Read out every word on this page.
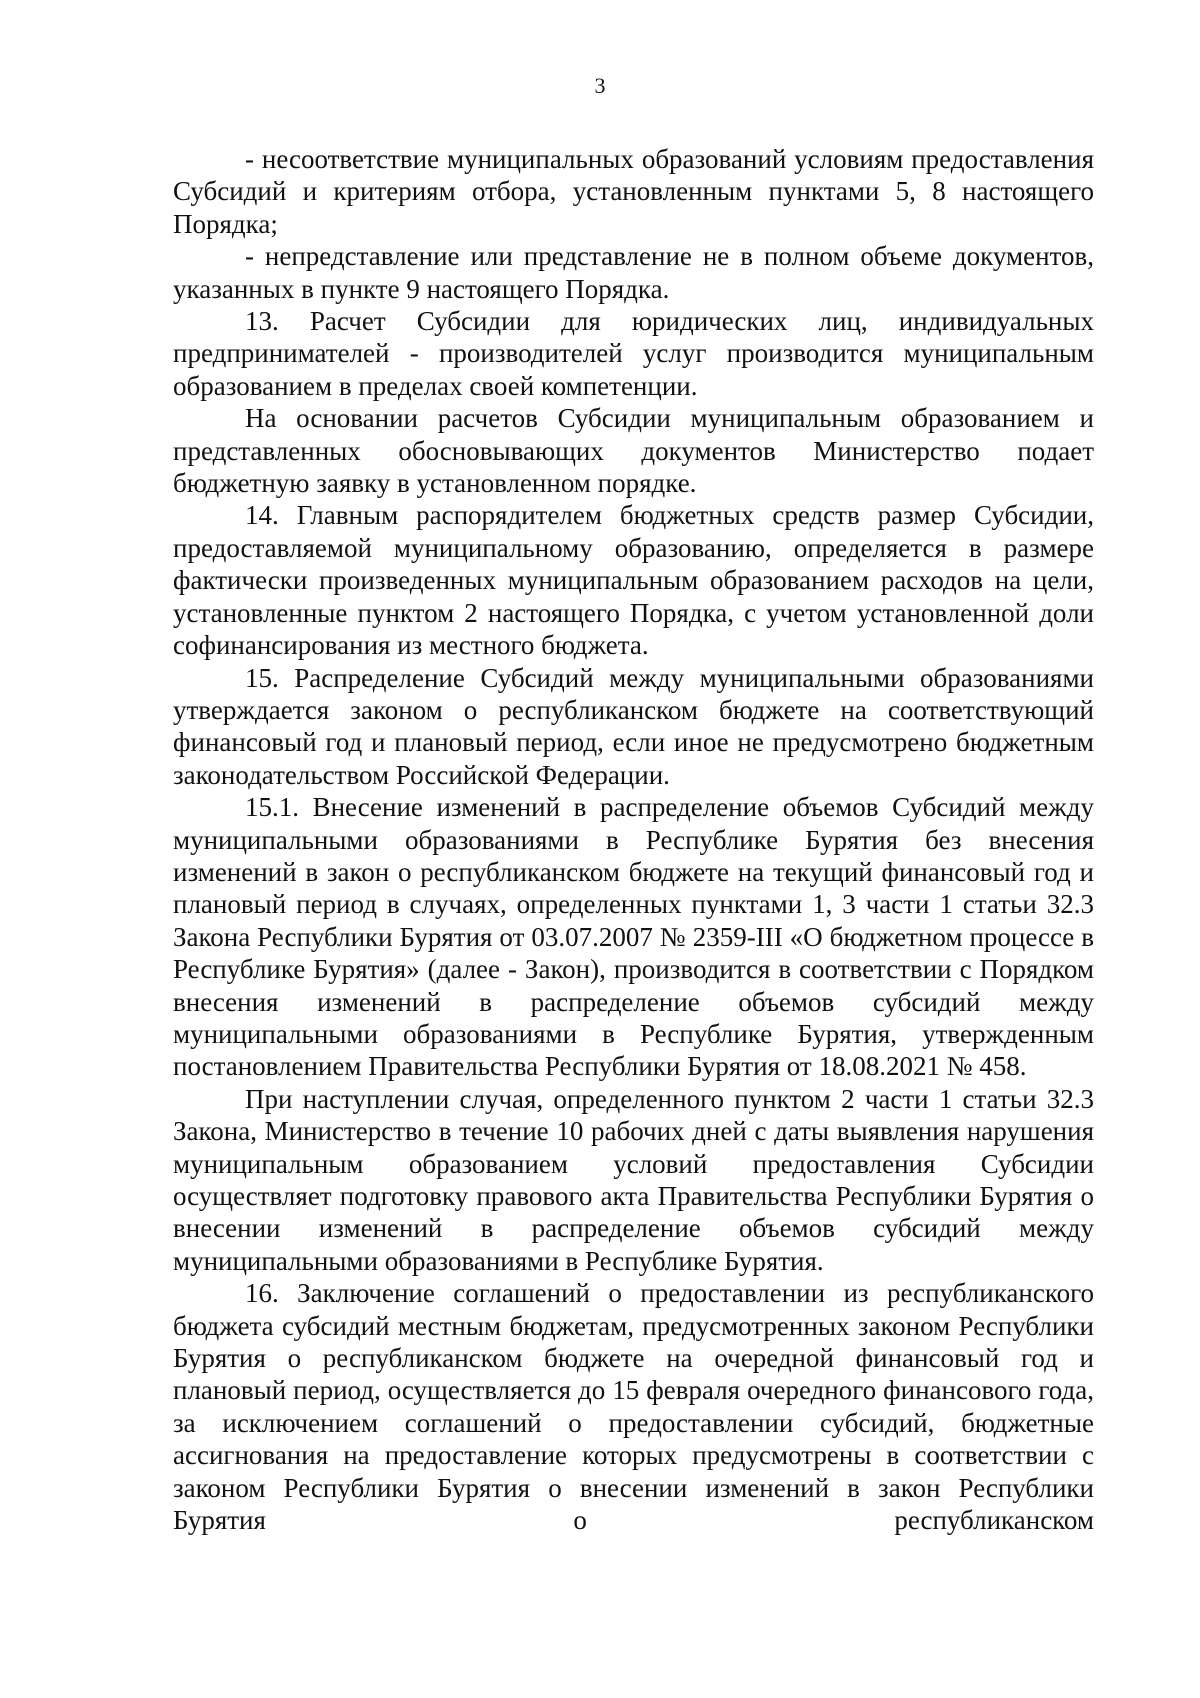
3

- несоответствие муниципальных образований условиям предоставления Субсидий и критериям отбора, установленным пунктами 5, 8 настоящего Порядка;

- непредставление или представление не в полном объеме документов, указанных в пункте 9 настоящего Порядка.

13. Расчет Субсидии для юридических лиц, индивидуальных предпринимателей - производителей услуг производится муниципальным образованием в пределах своей компетенции.

На основании расчетов Субсидии муниципальным образованием и представленных обосновывающих документов Министерство подает бюджетную заявку в установленном порядке.

14. Главным распорядителем бюджетных средств размер Субсидии, предоставляемой муниципальному образованию, определяется в размере фактически произведенных муниципальным образованием расходов на цели, установленные пунктом 2 настоящего Порядка, с учетом установленной доли софинансирования из местного бюджета.

15. Распределение Субсидий между муниципальными образованиями утверждается законом о республиканском бюджете на соответствующий финансовый год и плановый период, если иное не предусмотрено бюджетным законодательством Российской Федерации.

15.1. Внесение изменений в распределение объемов Субсидий между муниципальными образованиями в Республике Бурятия без внесения изменений в закон о республиканском бюджете на текущий финансовый год и плановый период в случаях, определенных пунктами 1, 3 части 1 статьи 32.3 Закона Республики Бурятия от 03.07.2007 № 2359-III «О бюджетном процессе в Республике Бурятия» (далее - Закон), производится в соответствии с Порядком внесения изменений в распределение объемов субсидий между муниципальными образованиями в Республике Бурятия, утвержденным постановлением Правительства Республики Бурятия от 18.08.2021 № 458.

При наступлении случая, определенного пунктом 2 части 1 статьи 32.3 Закона, Министерство в течение 10 рабочих дней с даты выявления нарушения муниципальным образованием условий предоставления Субсидии осуществляет подготовку правового акта Правительства Республики Бурятия о внесении изменений в распределение объемов субсидий между муниципальными образованиями в Республике Бурятия.

16. Заключение соглашений о предоставлении из республиканского бюджета субсидий местным бюджетам, предусмотренных законом Республики Бурятия о республиканском бюджете на очередной финансовый год и плановый период, осуществляется до 15 февраля очередного финансового года, за исключением соглашений о предоставлении субсидий, бюджетные ассигнования на предоставление которых предусмотрены в соответствии с законом Республики Бурятия о внесении изменений в закон Республики Бурятия о республиканском
